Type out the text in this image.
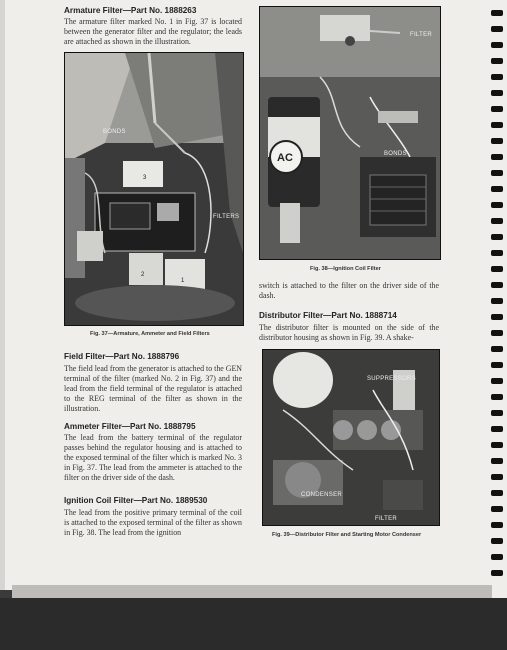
Armature Filter—Part No. 1888263

The armature filter marked No. 1 in Fig. 37 is located between the generator filter and the regulator; the leads are attached as shown in the illustration.

BONDS
FILTERS
3
2
1
Fig. 37—Armature, Ammeter and Field Filters
Field Filter—Part No. 1888796

The field lead from the generator is attached to the GEN terminal of the filter (marked No. 2 in Fig. 37) and the lead from the field terminal of the regulator is attached to the REG terminal of the filter as shown in the illustration.

Ammeter Filter—Part No. 1888795

The lead from the battery terminal of the regulator passes behind the regulator housing and is attached to the exposed terminal of the filter which is marked No. 3 in Fig. 37. The lead from the ammeter is attached to the filter on the driver side of the dash.

Ignition Coil Filter—Part No. 1889530

The lead from the positive primary terminal of the coil is attached to the exposed terminal of the filter as shown in Fig. 38. The lead from the ignition

AC
FILTER
BONDS
Fig. 38—Ignition Coil Filter

switch is attached to the filter on the driver side of the dash.

Distributor Filter—Part No. 1888714

The distributor filter is mounted on the side of the distributor housing as shown in Fig. 39. A shake-

SUPPRESSORS
CONDENSER
FILTER
Fig. 39—Distributor Filter and Starting Motor Condenser
